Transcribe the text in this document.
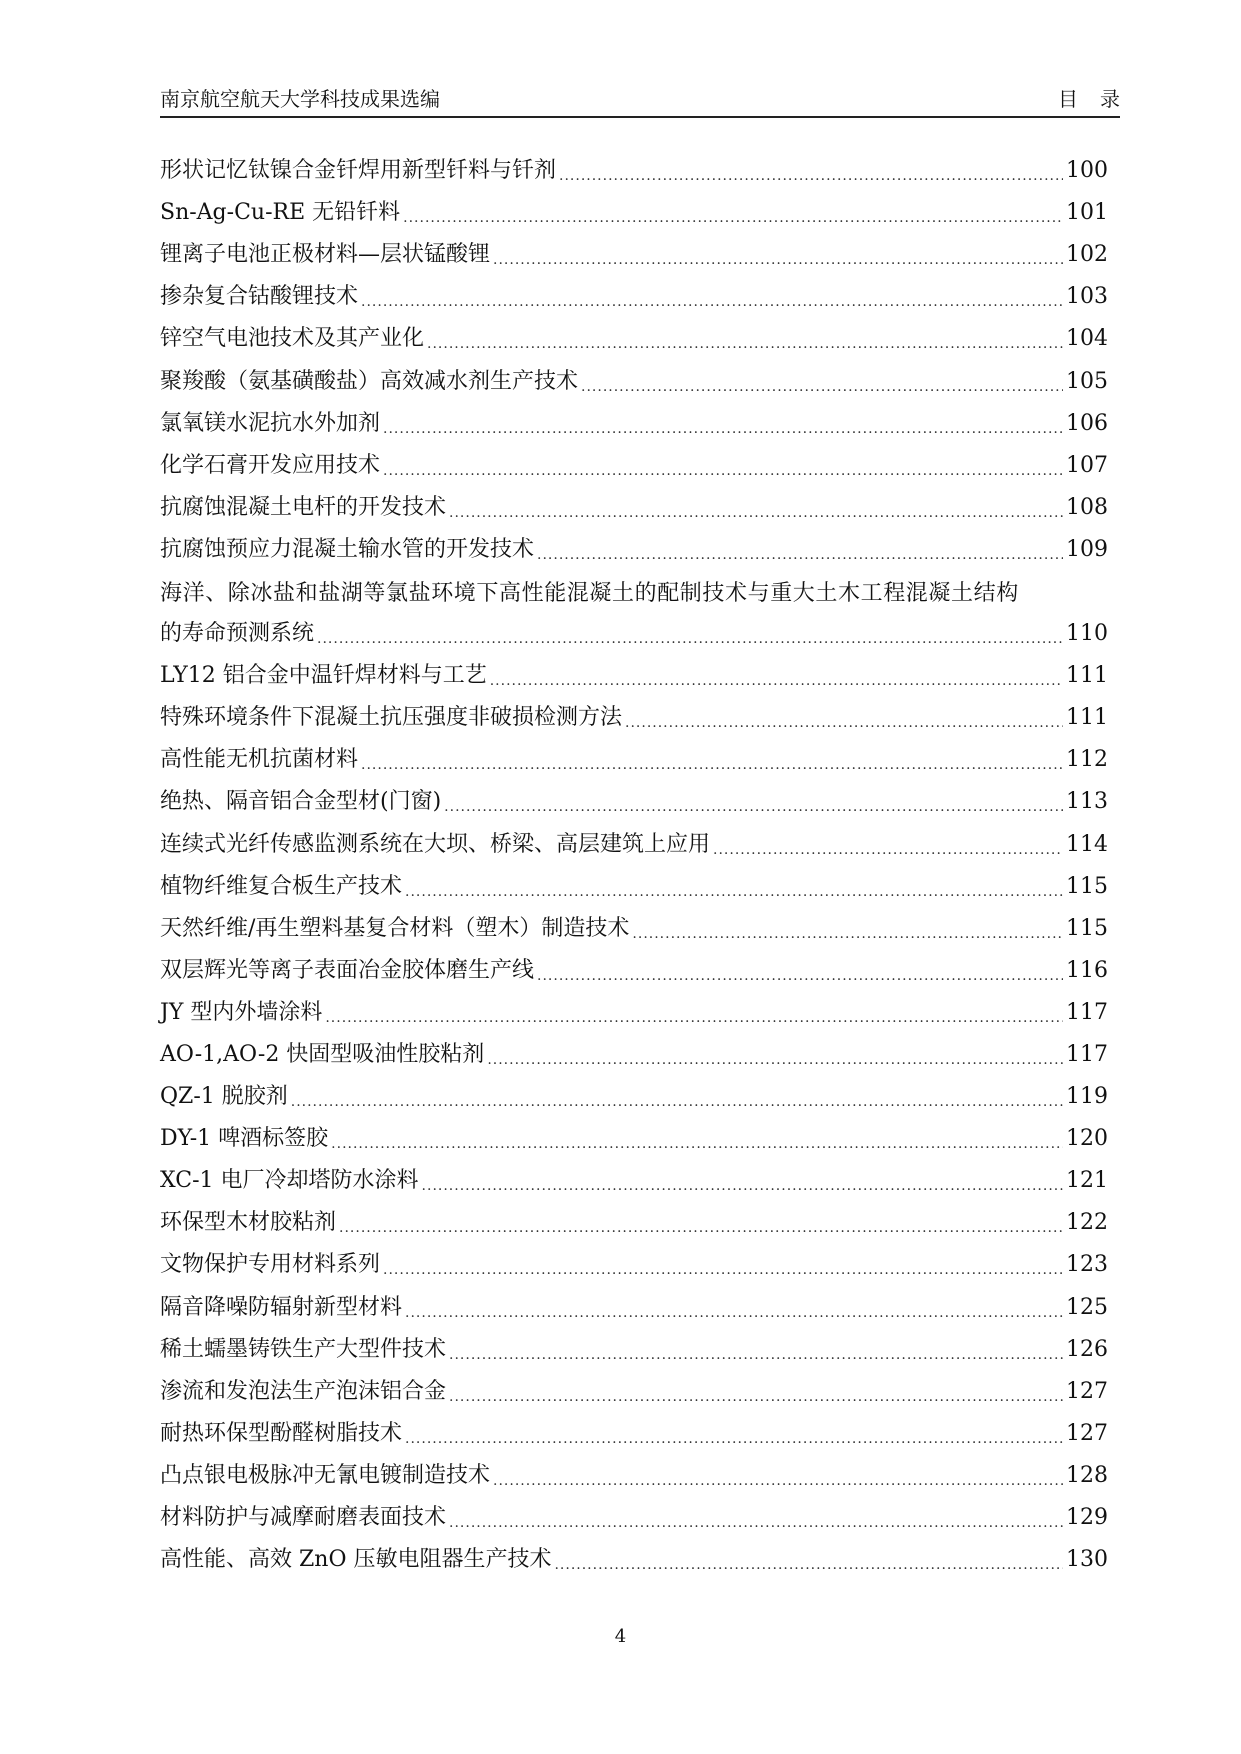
南京航空航天大学科技成果选编	目录
形状记忆钛镍合金钎焊用新型钎料与钎剂 .....	100
Sn-Ag-Cu-RE 无铅钎料 .....	101
锂离子电池正极材料—层状锰酸锂 .....	102
掺杂复合钴酸锂技术 .....	103
锌空气电池技术及其产业化 .....	104
聚羧酸（氨基磺酸盐）高效减水剂生产技术 .....	105
氯氧镁水泥抗水外加剂 .....	106
化学石膏开发应用技术 .....	107
抗腐蚀混凝土电杆的开发技术 .....	108
抗腐蚀预应力混凝土输水管的开发技术 .....	109
海洋、除冰盐和盐湖等氯盐环境下高性能混凝土的配制技术与重大土木工程混凝土结构
的寿命预测系统 .....	110
LY12 铝合金中温钎焊材料与工艺 .....	111
特殊环境条件下混凝土抗压强度非破损检测方法 .....	111
高性能无机抗菌材料 .....	112
绝热、隔音铝合金型材(门窗) .....	113
连续式光纤传感监测系统在大坝、桥梁、高层建筑上应用 .....	114
植物纤维复合板生产技术 .....	115
天然纤维/再生塑料基复合材料（塑木）制造技术 .....	115
双层辉光等离子表面冶金胶体磨生产线 .....	116
JY 型内外墙涂料 .....	117
AO-1,AO-2 快固型吸油性胶粘剂 .....	117
QZ-1 脱胶剂 .....	119
DY-1 啤酒标签胶 .....	120
XC-1 电厂冷却塔防水涂料 .....	121
环保型木材胶粘剂 .....	122
文物保护专用材料系列 .....	123
隔音降噪防辐射新型材料 .....	125
稀土蠕墨铸铁生产大型件技术 .....	126
渗流和发泡法生产泡沫铝合金 .....	127
耐热环保型酚醛树脂技术 .....	127
凸点银电极脉冲无氰电镀制造技术 .....	128
材料防护与减摩耐磨表面技术 .....	129
高性能、高效 ZnO 压敏电阻器生产技术 .....	130
4
